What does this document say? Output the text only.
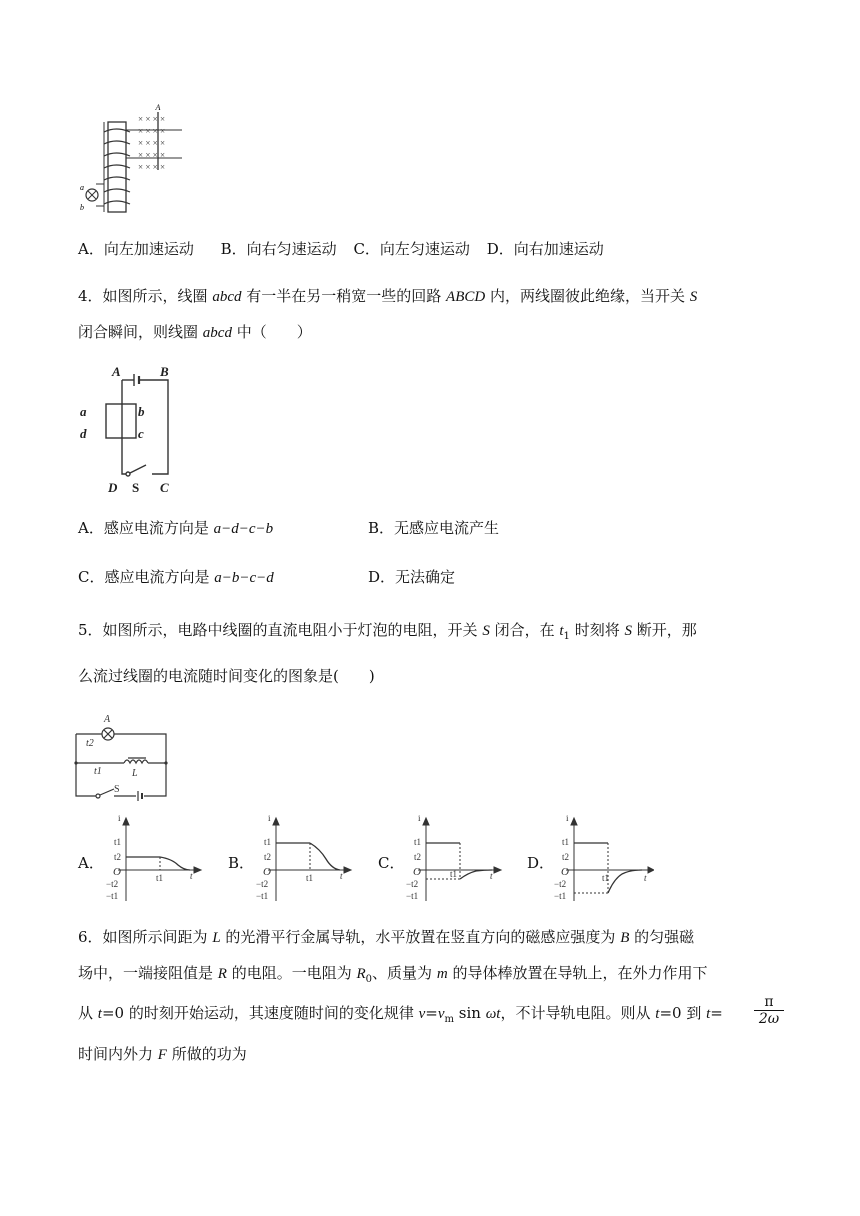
A
× × × ×
× × × ×
× × × ×
× × × ×
× × × ×
a
b
A．向左加速运动 B．向右匀速运动 C．向左匀速运动 D．向右加速运动
4．如图所示，线圈 abcd 有一半在另一稍宽一些的回路 ABCD 内，两线圈彼此绝缘，当开关 S
闭合瞬间，则线圈 abcd 中（　　）
A	B
a	b
c
d
D S C
A．感应电流方向是 a−d−c−b	B．无感应电流产生
C．感应电流方向是 a−b−c−d	D．无法确定
5．如图所示，电路中线圈的直流电阻小于灯泡的电阻，开关 S 闭合，在 $t_1$ 时刻将 S 断开，那
么流过线圈的电流随时间变化的图象是(　　)
A
t2
t1	L
S
A．
i
t1
t2
O
−t2
−t1
t1	t
B．
i
t1
t2
O
−t2
−t1
t1	t
C．
i
t1
t2
O
−t2
−t1
t1	t
D．
i
t1
t2
O
−t2
−t1
t1	t
6．如图所示间距为 L 的光滑平行金属导轨，水平放置在竖直方向的磁感应强度为 B 的匀强磁
场中，一端接阻值是 R 的电阻。一电阻为 $R_0$、质量为 m 的导体棒放置在导轨上，在外力作用下
从 t=0 的时刻开始运动，其速度随时间的变化规律 $v=v_m$ sin ωt，不计导轨电阻。则从 t=0 到 $t= \frac{\pi}{2\omega}$
时间内外力 F 所做的功为
